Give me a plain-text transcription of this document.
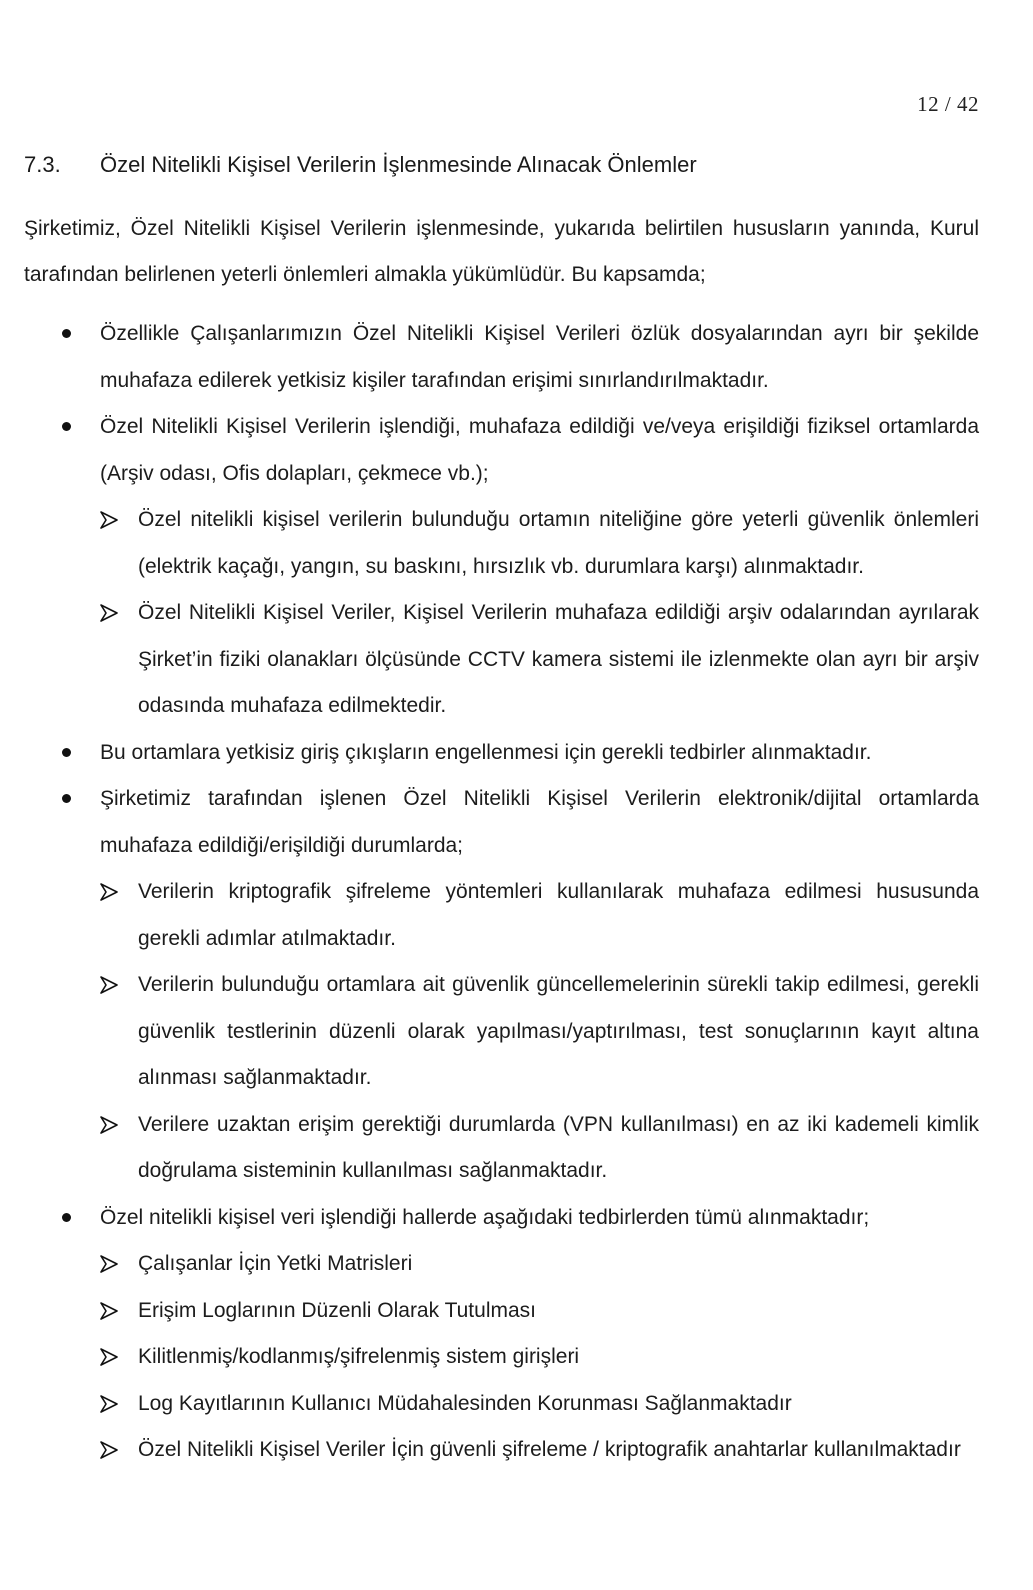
12 / 42
7.3.	Özel Nitelikli Kişisel Verilerin İşlenmesinde Alınacak Önlemler

Şirketimiz, Özel Nitelikli Kişisel Verilerin işlenmesinde, yukarıda belirtilen hususların yanında, Kurul tarafından belirlenen yeterli önlemleri almakla yükümlüdür. Bu kapsamda;

Özellikle Çalışanlarımızın Özel Nitelikli Kişisel Verileri özlük dosyalarından ayrı bir şekilde muhafaza edilerek yetkisiz kişiler tarafından erişimi sınırlandırılmaktadır.
Özel Nitelikli Kişisel Verilerin işlendiği, muhafaza edildiği ve/veya erişildiği fiziksel ortamlarda (Arşiv odası, Ofis dolapları, çekmece vb.);
Özel nitelikli kişisel verilerin bulunduğu ortamın niteliğine göre yeterli güvenlik önlemleri (elektrik kaçağı, yangın, su baskını, hırsızlık vb. durumlara karşı) alınmaktadır.
Özel Nitelikli Kişisel Veriler, Kişisel Verilerin muhafaza edildiği arşiv odalarından ayrılarak Şirket’in fiziki olanakları ölçüsünde CCTV kamera sistemi ile izlenmekte olan ayrı bir arşiv odasında muhafaza edilmektedir.
Bu ortamlara yetkisiz giriş çıkışların engellenmesi için gerekli tedbirler alınmaktadır.
Şirketimiz tarafından işlenen Özel Nitelikli Kişisel Verilerin elektronik/dijital ortamlarda muhafaza edildiği/erişildiği durumlarda;
Verilerin kriptografik şifreleme yöntemleri kullanılarak muhafaza edilmesi hususunda gerekli adımlar atılmaktadır.
Verilerin bulunduğu ortamlara ait güvenlik güncellemelerinin sürekli takip edilmesi, gerekli güvenlik testlerinin düzenli olarak yapılması/yaptırılması, test sonuçlarının kayıt altına alınması sağlanmaktadır.
Verilere uzaktan erişim gerektiği durumlarda (VPN kullanılması) en az iki kademeli kimlik doğrulama sisteminin kullanılması sağlanmaktadır.
Özel nitelikli kişisel veri işlendiği hallerde aşağıdaki tedbirlerden tümü alınmaktadır;
Çalışanlar İçin Yetki Matrisleri
Erişim Loglarının Düzenli Olarak Tutulması
Kilitlenmiş/kodlanmış/şifrelenmiş sistem girişleri
Log Kayıtlarının Kullanıcı Müdahalesinden Korunması Sağlanmaktadır
Özel Nitelikli Kişisel Veriler İçin güvenli şifreleme / kriptografik anahtarlar kullanılmaktadır
